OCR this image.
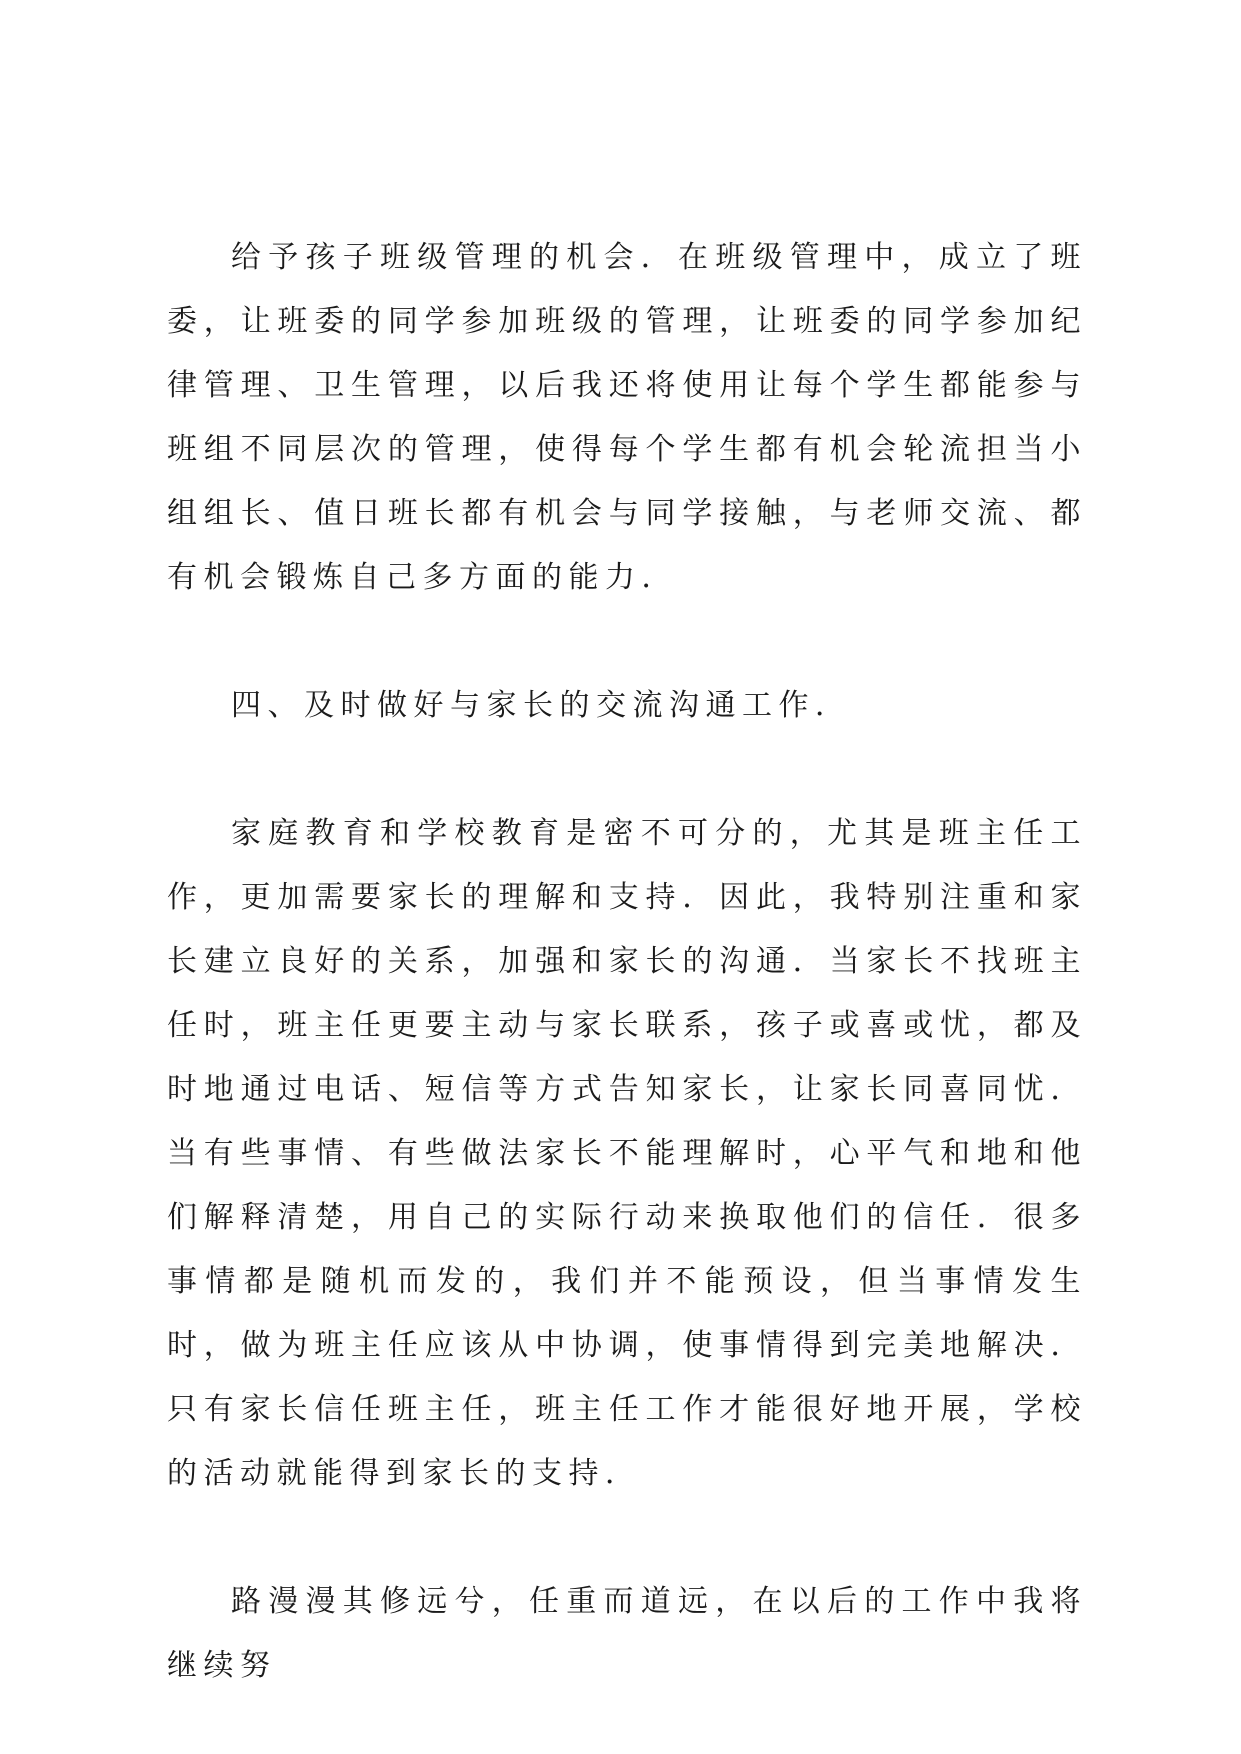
给予孩子班级管理的机会．在班级管理中，成立了班委，让班委的同学参加班级的管理，让班委的同学参加纪律管理、卫生管理，以后我还将使用让每个学生都能参与班组不同层次的管理，使得每个学生都有机会轮流担当小组组长、值日班长都有机会与同学接触，与老师交流、都有机会锻炼自己多方面的能力．

四、及时做好与家长的交流沟通工作．

家庭教育和学校教育是密不可分的，尤其是班主任工作，更加需要家长的理解和支持．因此，我特别注重和家长建立良好的关系，加强和家长的沟通．当家长不找班主任时，班主任更要主动与家长联系，孩子或喜或忧，都及时地通过电话、短信等方式告知家长，让家长同喜同忧．当有些事情、有些做法家长不能理解时，心平气和地和他们解释清楚，用自己的实际行动来换取他们的信任．很多事情都是随机而发的，我们并不能预设，但当事情发生时，做为班主任应该从中协调，使事情得到完美地解决．只有家长信任班主任，班主任工作才能很好地开展，学校的活动就能得到家长的支持．

路漫漫其修远兮，任重而道远，在以后的工作中我将继续努
